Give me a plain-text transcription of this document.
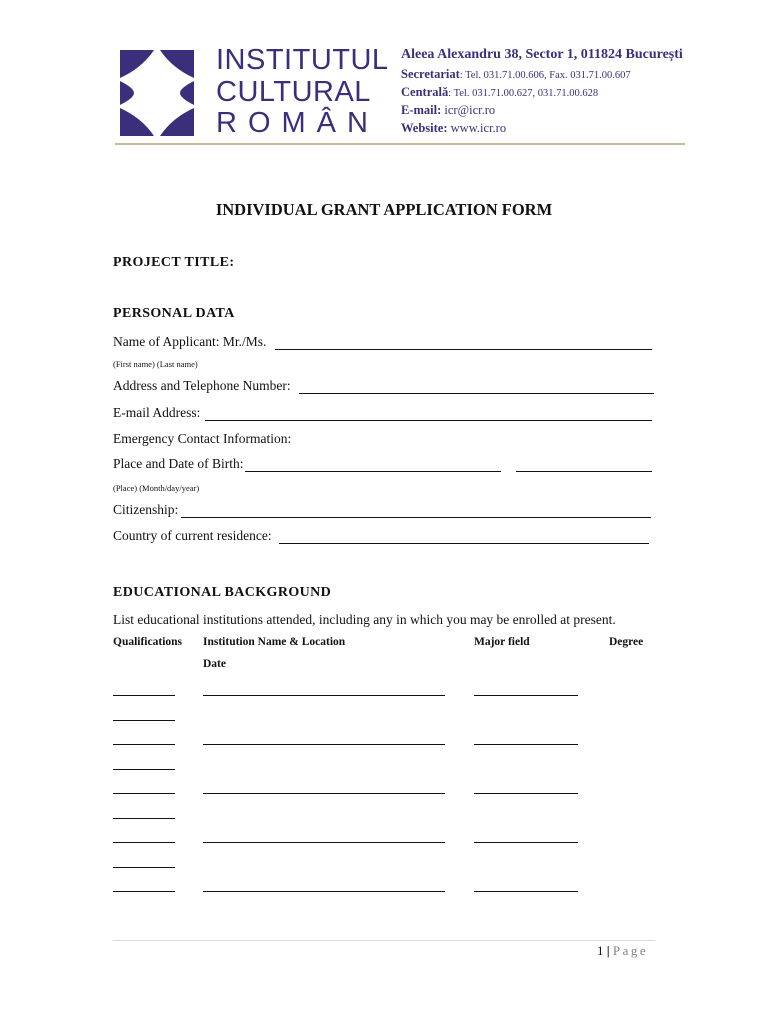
INSTITUTUL
CULTURAL
ROMÂN
Aleea Alexandru 38, Sector 1, 011824 București
Secretariat: Tel. 031.71.00.606, Fax. 031.71.00.607
Centrală: Tel. 031.71.00.627, 031.71.00.628
E-mail: icr@icr.ro
Website: www.icr.ro
INDIVIDUAL GRANT APPLICATION FORM
PROJECT TITLE:
PERSONAL DATA
Name of Applicant: Mr./Ms.
(First name) (Last name)
Address and Telephone Number:
E-mail Address:
Emergency Contact Information:
Place and Date of Birth:
(Place) (Month/day/year)
Citizenship:
Country of current residence:
EDUCATIONAL BACKGROUND
List educational institutions attended, including any in which you may be enrolled at present.
Qualifications Institution Name & Location	Major field	Degree
Date
1 | Page
